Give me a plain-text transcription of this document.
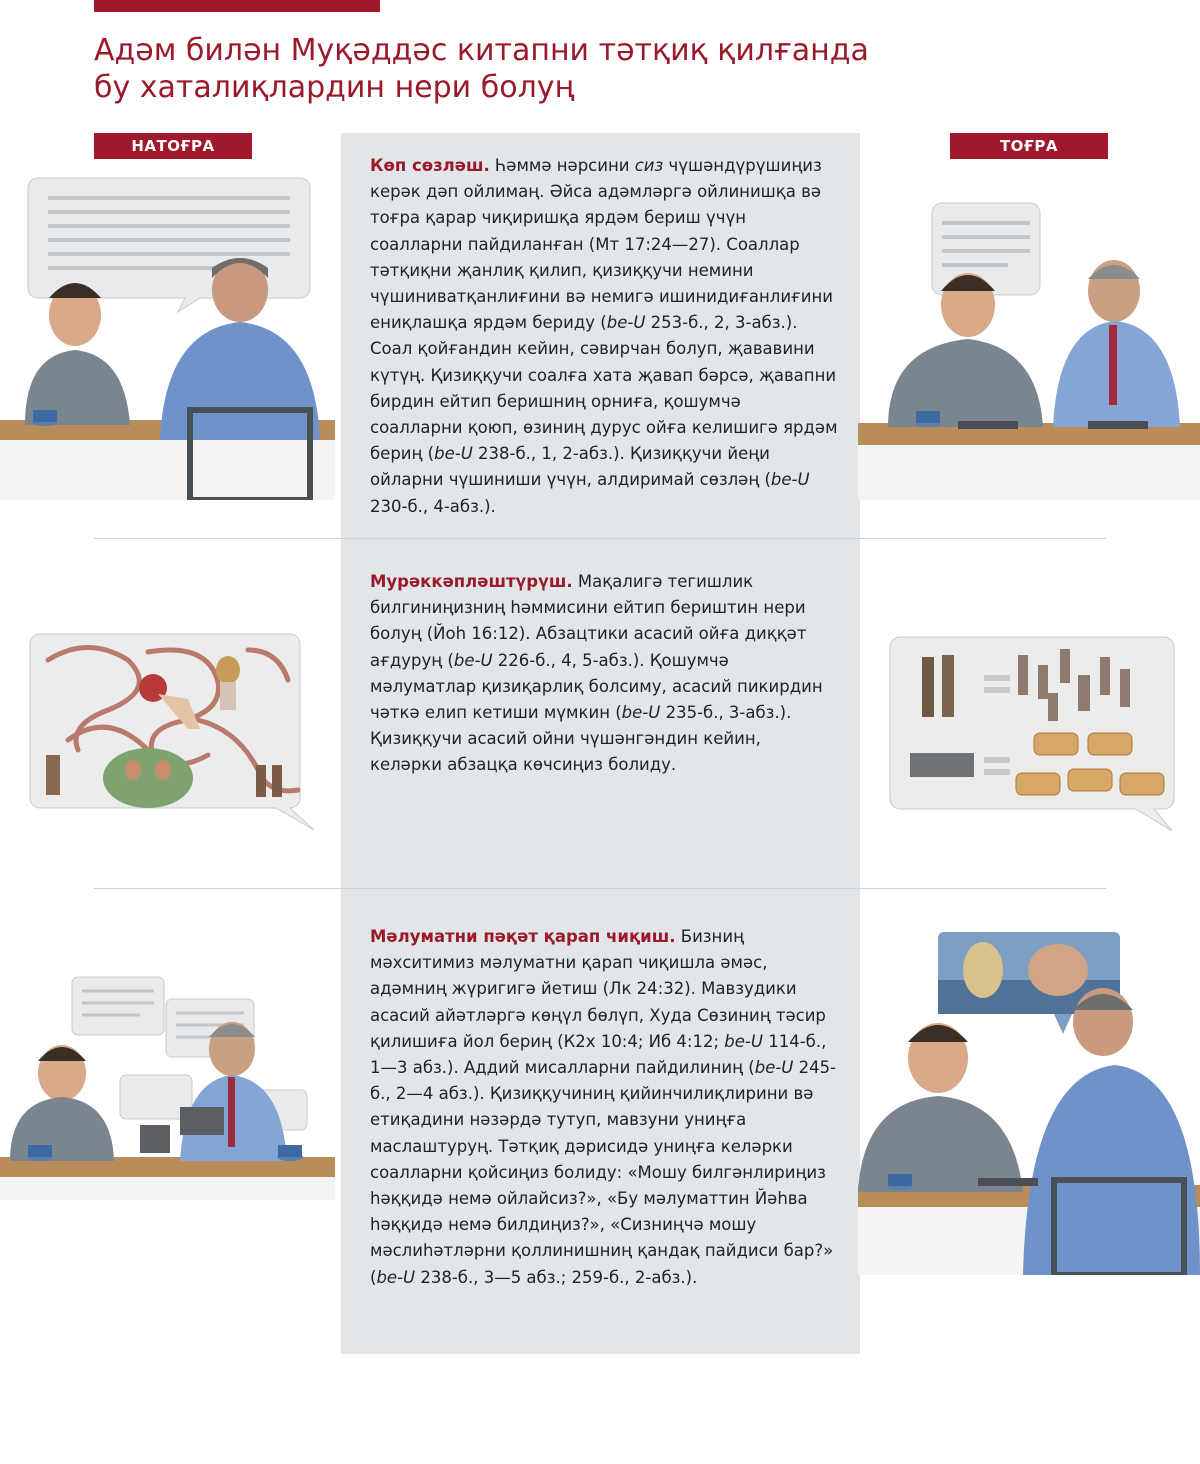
Адәм билән Муқәддәс китапни тәтқиқ қилғанда
бу хаталиқлардин нери болуң
НАТОҒРА	ТОҒРА

Көп сөзләш. Һәммә нәрсини сиз чүшәндүрүшиңиз керәк дәп ойлимаң. Әйса адәмләргә ойлинишқа вә тоғра қарар чиқиришқа ярдәм бериш үчүн соалларни пайдиланған (Мт 17:24—27). Соаллар тәтқиқни җанлиқ қилип, қизиққучи немини чүшиниватқанлиғини вә немигә ишинидиғанлиғини ениқлашқа ярдәм бериду (be-U 253-б., 2, 3-абз.). Соал қойғандин кейин, сәвирчан болуп, җававини күтүң. Қизиққучи соалға хата җавап бәрсә, җавапни бирдин ейтип беришниң орниға, қошумчә соалларни қоюп, өзиниң дурус ойға келишигә ярдәм бериң (be-U 238-б., 1, 2-абз.). Қизиққучи йеңи ойларни чүшиниши үчүн, алдиримай сөзләң (be-U 230-б., 4-абз.).

Мурәккәпләштүрүш. Мақалигә тегишлик билгиниңизниң һәммисини ейтип бериштин нери болуң (Йоһ 16:12). Абзацтики асасий ойға диққәт ағдуруң (be-U 226-б., 4, 5-абз.). Қошумчә мәлуматлар қизиқарлиқ болсиму, асасий пикирдин чәткә елип кетиши мүмкин (be-U 235-б., 3-абз.). Қизиққучи асасий ойни чүшәнгәндин кейин, келәрки абзацқа көчсиңиз болиду.

Мәлуматни пәқәт қарап чиқиш. Бизниң мәхситимиз мәлуматни қарап чиқишла әмәс, адәмниң жүригигә йетиш (Лк 24:32). Мавзудики асасий айәтләргә көңүл бөлүп, Худа Сөзиниң тәсир қилишиға йол бериң (К2х 10:4; Иб 4:12; be-U 114-б., 1—3 абз.). Аддий мисалларни пайдилиниң (be-U 245-б., 2—4 абз.). Қизиққучиниң қийинчилиқлирини вә етиқадини нәзәрдә тутуп, мавзуни униңға маслаштуруң. Тәтқиқ дәрисидә униңға келәрки соалларни қойсиңиз болиду: «Мошу билгәнлириңиз һәққидә немә ойлайсиз?», «Бу мәлуматтин Йәһва һәққидә немә билдиңиз?», «Сизниңчә мошу мәслиһәтләрни қоллинишниң қандақ пайдиси бар?» (be-U 238-б., 3—5 абз.; 259-б., 2-абз.).
